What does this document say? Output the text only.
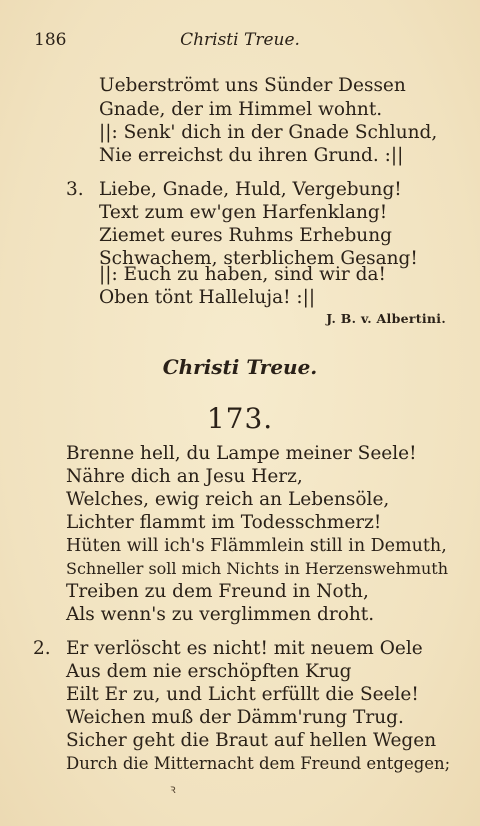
186	Christi Treue.
Ueberströmt uns Sünder Dessen
Gnade, der im Himmel wohnt.
||: Senk' dich in der Gnade Schlund,
Nie erreichst du ihren Grund. :||
3. Liebe, Gnade, Huld, Vergebung!
Text zum ew'gen Harfenklang!
Ziemet eures Ruhms Erhebung
Schwachem, sterblichem Gesang!
||: Euch zu haben, sind wir da!
Oben tönt Halleluja! :||
J. B. v. Albertini.
Christi Treue.
173.
Brenne hell, du Lampe meiner Seele!
Nähre dich an Jesu Herz,
Welches, ewig reich an Lebensöle,
Lichter flammt im Todesschmerz!
Hüten will ich's Flämmlein still in Demuth,
Schneller soll mich Nichts in Herzenswehmuth
Treiben zu dem Freund in Noth,
Als wenn's zu verglimmen droht.
2. Er verlöscht es nicht! mit neuem Oele
Aus dem nie erschöpften Krug
Eilt Er zu, und Licht erfüllt die Seele!
Weichen muß der Dämm'rung Trug.
Sicher geht die Braut auf hellen Wegen
Durch die Mitternacht dem Freund entgegen;
ꝛ
